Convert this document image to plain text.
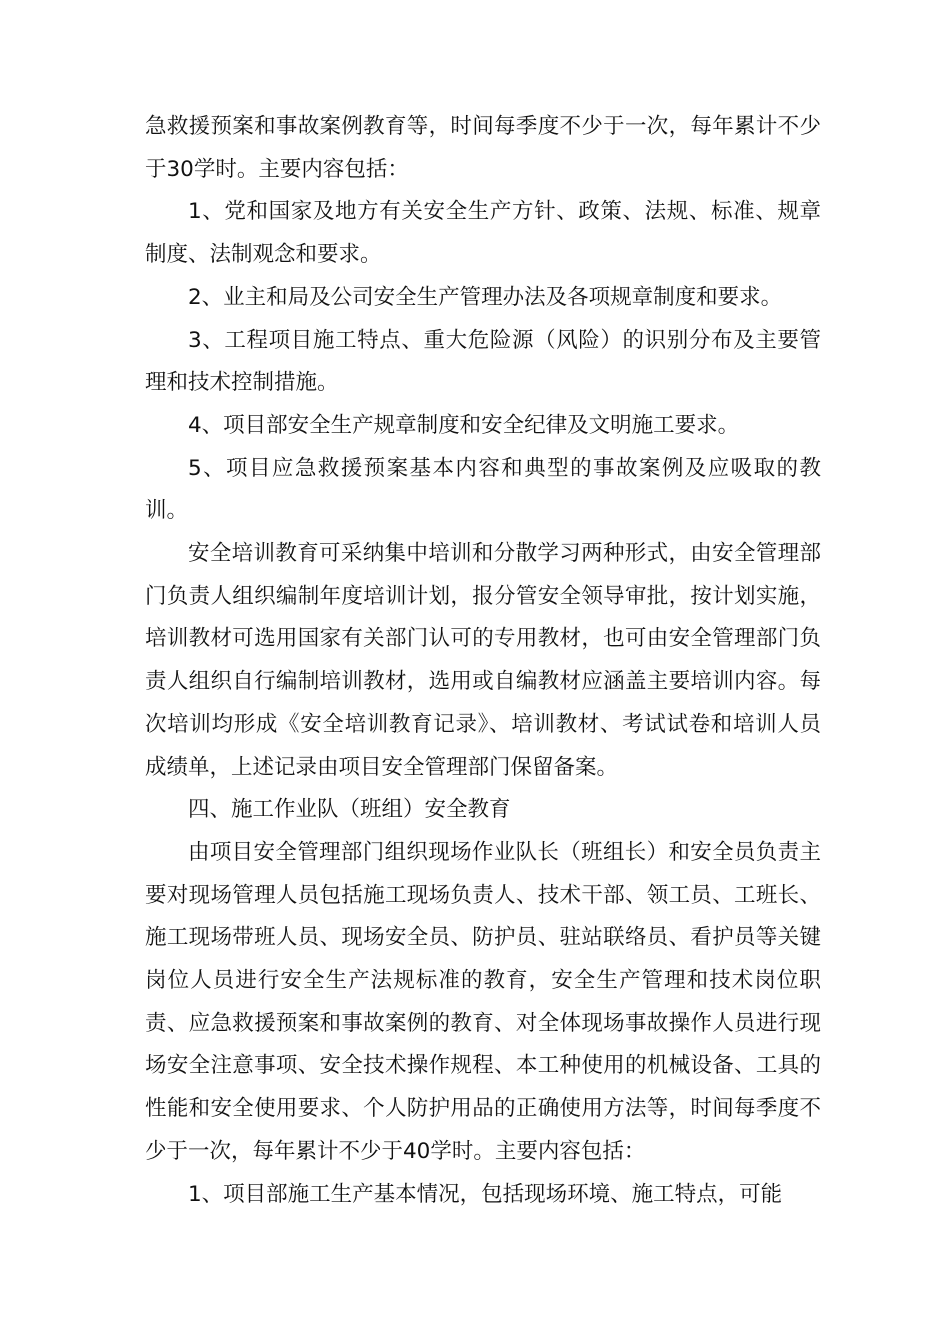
急救援预案和事故案例教育等，时间每季度不少于一次，每年累计不少于30学时。主要内容包括：

1、党和国家及地方有关安全生产方针、政策、法规、标准、规章制度、法制观念和要求。

2、业主和局及公司安全生产管理办法及各项规章制度和要求。

3、工程项目施工特点、重大危险源（风险）的识别分布及主要管理和技术控制措施。

4、项目部安全生产规章制度和安全纪律及文明施工要求。

5、项目应急救援预案基本内容和典型的事故案例及应吸取的教训。

安全培训教育可采纳集中培训和分散学习两种形式，由安全管理部门负责人组织编制年度培训计划，报分管安全领导审批，按计划实施，培训教材可选用国家有关部门认可的专用教材，也可由安全管理部门负责人组织自行编制培训教材，选用或自编教材应涵盖主要培训内容。每次培训均形成《安全培训教育记录》、培训教材、考试试卷和培训人员成绩单，上述记录由项目安全管理部门保留备案。

四、施工作业队（班组）安全教育

由项目安全管理部门组织现场作业队长（班组长）和安全员负责主要对现场管理人员包括施工现场负责人、技术干部、领工员、工班长、施工现场带班人员、现场安全员、防护员、驻站联络员、看护员等关键岗位人员进行安全生产法规标准的教育，安全生产管理和技术岗位职责、应急救援预案和事故案例的教育、对全体现场事故操作人员进行现场安全注意事项、安全技术操作规程、本工种使用的机械设备、工具的性能和安全使用要求、个人防护用品的正确使用方法等，时间每季度不少于一次，每年累计不少于40学时。主要内容包括：

1、项目部施工生产基本情况，包括现场环境、施工特点，可能
